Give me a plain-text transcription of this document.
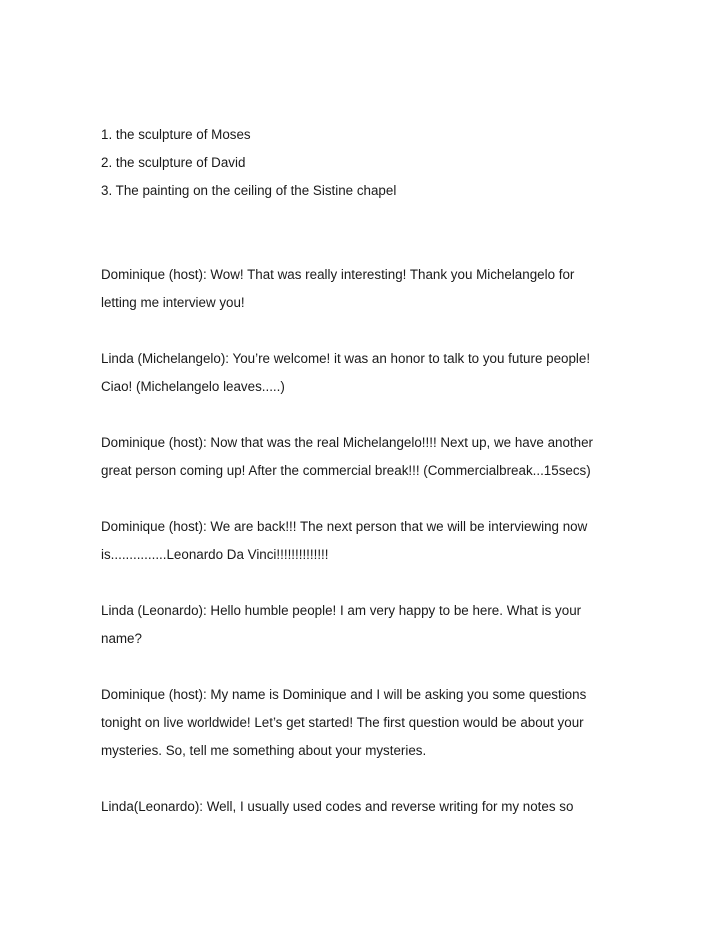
1. the sculpture of Moses
2. the sculpture of David
3. The painting on the ceiling of the Sistine chapel
Dominique (host): Wow! That was really interesting! Thank you Michelangelo for
letting me interview you!
Linda (Michelangelo): You’re welcome! it was an honor to talk to you future people!
Ciao! (Michelangelo leaves.....)
Dominique (host): Now that was the real Michelangelo!!!! Next up, we have another
great person coming up! After the commercial break!!! (Commercialbreak...15secs)
Dominique (host): We are back!!! The next person that we will be interviewing now
is...............Leonardo Da Vinci!!!!!!!!!!!!!!
Linda (Leonardo): Hello humble people! I am very happy to be here. What is your
name?
Dominique (host): My name is Dominique and I will be asking you some questions
tonight on live worldwide! Let’s get started! The first question would be about your
mysteries. So, tell me something about your mysteries.
Linda(Leonardo): Well, I usually used codes and reverse writing for my notes so
